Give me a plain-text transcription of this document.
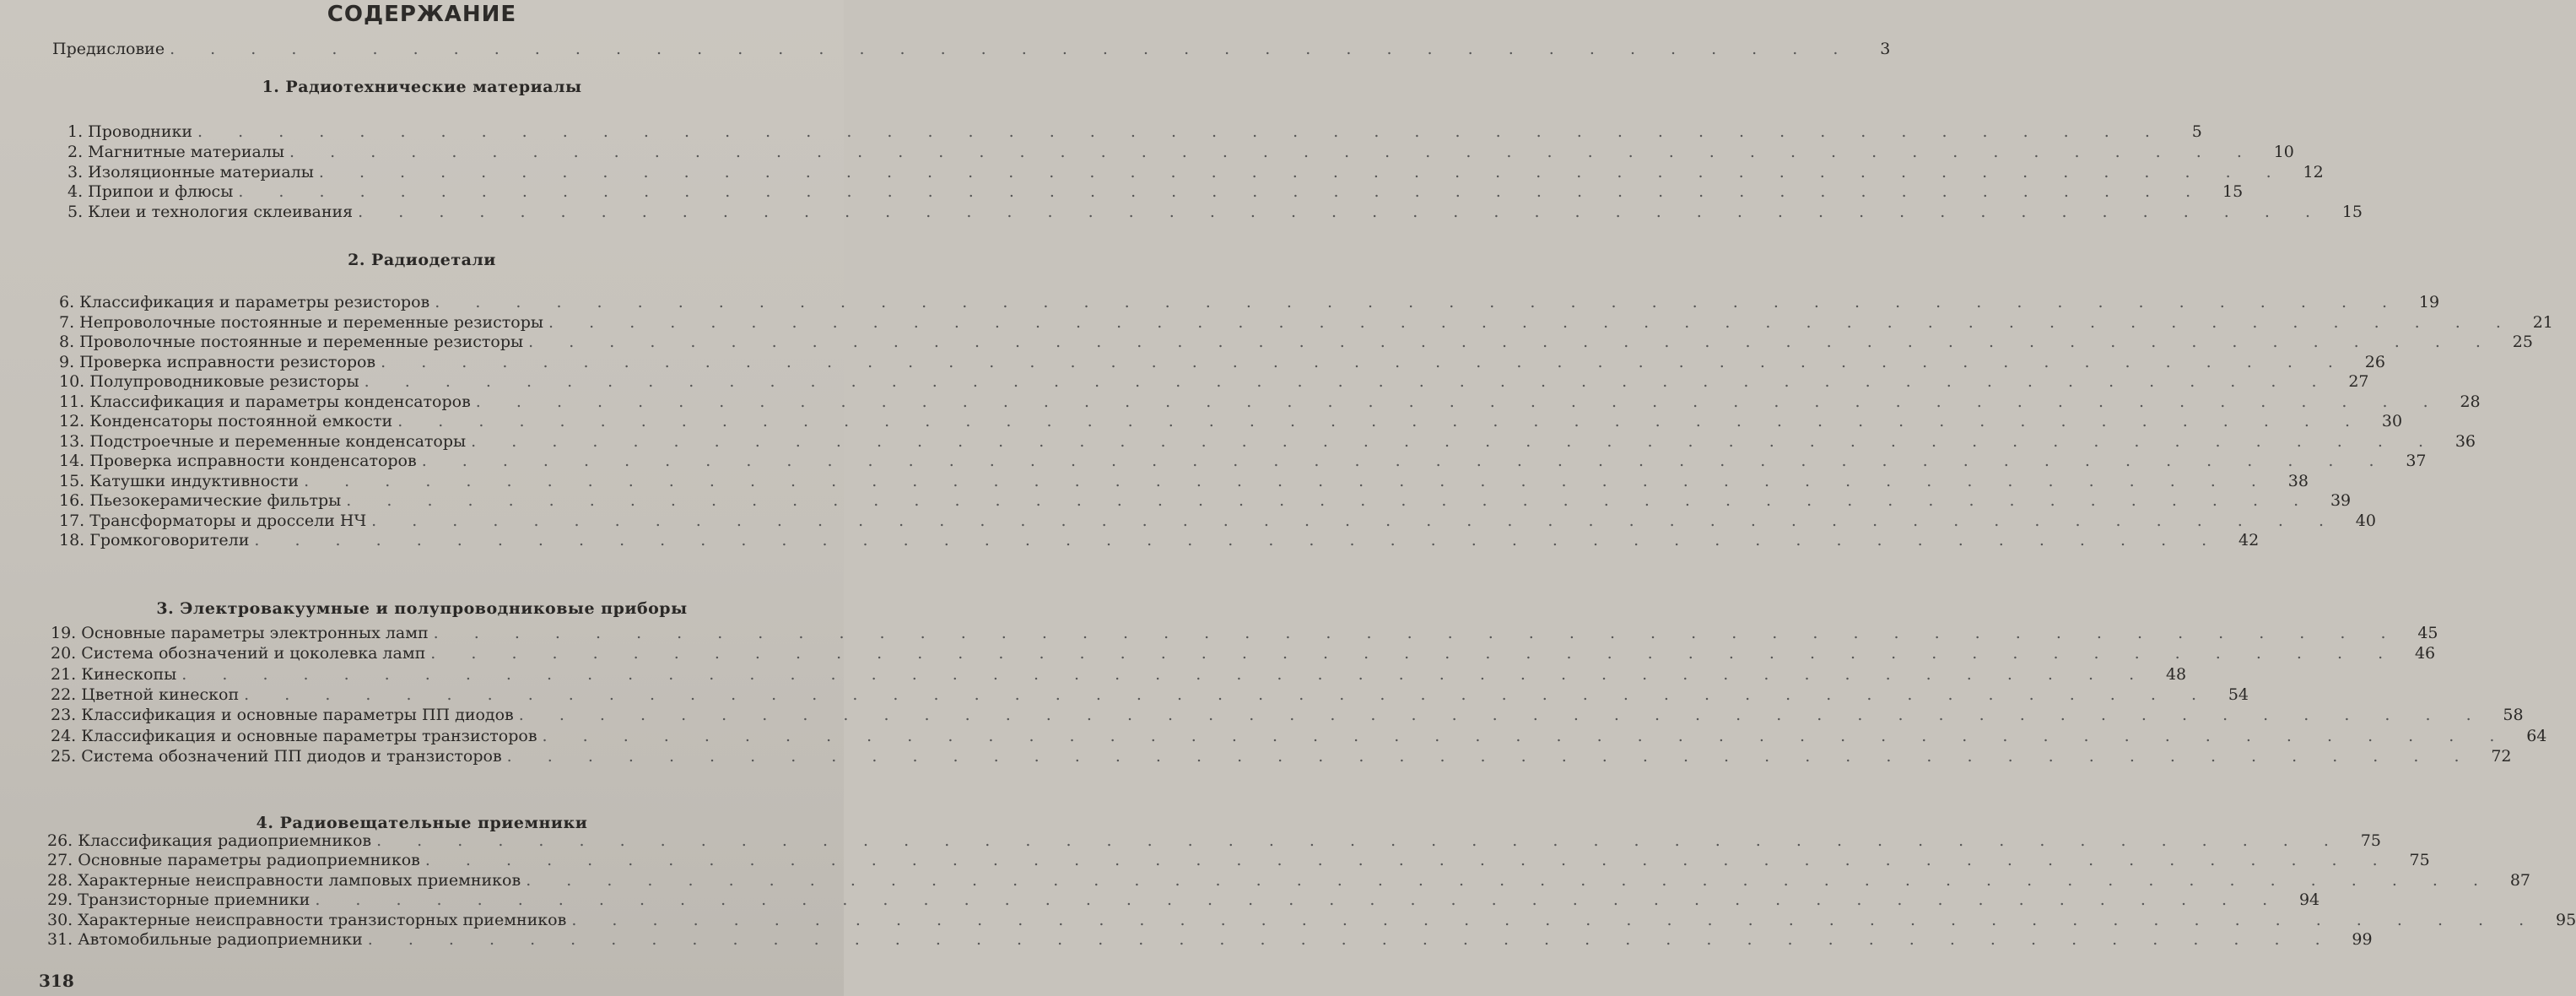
СОДЕРЖАНИЕ
Предисловие . . . . . . . . . . . . . . . . . . . . . . . . . . . . . . . . . . . . . . . . . .	3
1. Радиотехнические материалы
1. Проводники . . . . . . . . . . . . . . . . . . . . . . . . . . . . . . . . . . . . . . . . . . . . . . . . .	5
2. Магнитные материалы . . . . . . . . . . . . . . . . . . . . . . . . . . . . . . . . . . . . . . . . . . . . . . . . .	10
3. Изоляционные материалы . . . . . . . . . . . . . . . . . . . . . . . . . . . . . . . . . . . . . . . . . . . . . . . . .	12
4. Припои и флюсы . . . . . . . . . . . . . . . . . . . . . . . . . . . . . . . . . . . . . . . . . . . . . . . . .	15
5. Клеи и технология склеивания . . . . . . . . . . . . . . . . . . . . . . . . . . . . . . . . . . . . . . . . . . . . . . . . .	15
2. Радиодетали
6. Классификация и параметры резисторов . . . . . . . . . . . . . . . . . . . . . . . . . . . . . . . . . . . . . . . . . . . . . . . . .	19
7. Непроволочные постоянные и переменные резисторы . . . . . . . . . . . . . . . . . . . . . . . . . . . . . . . . . . . . . . . . . . . . . . . . .	21
8. Проволочные постоянные и переменные резисторы . . . . . . . . . . . . . . . . . . . . . . . . . . . . . . . . . . . . . . . . . . . . . . . . .	25
9. Проверка исправности резисторов . . . . . . . . . . . . . . . . . . . . . . . . . . . . . . . . . . . . . . . . . . . . . . . . .	26
10. Полупроводниковые резисторы . . . . . . . . . . . . . . . . . . . . . . . . . . . . . . . . . . . . . . . . . . . . . . . . .	27
11. Классификация и параметры конденсаторов . . . . . . . . . . . . . . . . . . . . . . . . . . . . . . . . . . . . . . . . . . . . . . . . .	28
12. Конденсаторы постоянной емкости . . . . . . . . . . . . . . . . . . . . . . . . . . . . . . . . . . . . . . . . . . . . . . . . .	30
13. Подстроечные и переменные конденсаторы . . . . . . . . . . . . . . . . . . . . . . . . . . . . . . . . . . . . . . . . . . . . . . . . .	36
14. Проверка исправности конденсаторов . . . . . . . . . . . . . . . . . . . . . . . . . . . . . . . . . . . . . . . . . . . . . . . . .	37
15. Катушки индуктивности . . . . . . . . . . . . . . . . . . . . . . . . . . . . . . . . . . . . . . . . . . . . . . . . .	38
16. Пьезокерамические фильтры . . . . . . . . . . . . . . . . . . . . . . . . . . . . . . . . . . . . . . . . . . . . . . . . .	39
17. Трансформаторы и дроссели НЧ . . . . . . . . . . . . . . . . . . . . . . . . . . . . . . . . . . . . . . . . . . . . . . . . .	40
18. Громкоговорители . . . . . . . . . . . . . . . . . . . . . . . . . . . . . . . . . . . . . . . . . . . . . . . . .	42
3. Электровакуумные и полупроводниковые приборы
19. Основные параметры электронных ламп . . . . . . . . . . . . . . . . . . . . . . . . . . . . . . . . . . . . . . . . . . . . . . . . .	45
20. Система обозначений и цоколевка ламп . . . . . . . . . . . . . . . . . . . . . . . . . . . . . . . . . . . . . . . . . . . . . . . . .	46
21. Кинескопы . . . . . . . . . . . . . . . . . . . . . . . . . . . . . . . . . . . . . . . . . . . . . . . . .	48
22. Цветной кинескоп . . . . . . . . . . . . . . . . . . . . . . . . . . . . . . . . . . . . . . . . . . . . . . . . .	54
23. Классификация и основные параметры ПП диодов . . . . . . . . . . . . . . . . . . . . . . . . . . . . . . . . . . . . . . . . . . . . . . . . .	58
24. Классификация и основные параметры транзисторов . . . . . . . . . . . . . . . . . . . . . . . . . . . . . . . . . . . . . . . . . . . . . . . . .	64
25. Система обозначений ПП диодов и транзисторов . . . . . . . . . . . . . . . . . . . . . . . . . . . . . . . . . . . . . . . . . . . . . . . . .	72
4. Радиовещательные приемники
26. Классификация радиоприемников . . . . . . . . . . . . . . . . . . . . . . . . . . . . . . . . . . . . . . . . . . . . . . . . .	75
27. Основные параметры радиоприемников . . . . . . . . . . . . . . . . . . . . . . . . . . . . . . . . . . . . . . . . . . . . . . . . .	75
28. Характерные неисправности ламповых приемников . . . . . . . . . . . . . . . . . . . . . . . . . . . . . . . . . . . . . . . . . . . . . . . . .	87
29. Транзисторные приемники . . . . . . . . . . . . . . . . . . . . . . . . . . . . . . . . . . . . . . . . . . . . . . . . .	94
30. Характерные неисправности транзисторных приемников . . . . . . . . . . . . . . . . . . . . . . . . . . . . . . . . . . . . . . . . . . . . . . . . .	95
31. Автомобильные радиоприемники . . . . . . . . . . . . . . . . . . . . . . . . . . . . . . . . . . . . . . . . . . . . . . . . .	99
318
